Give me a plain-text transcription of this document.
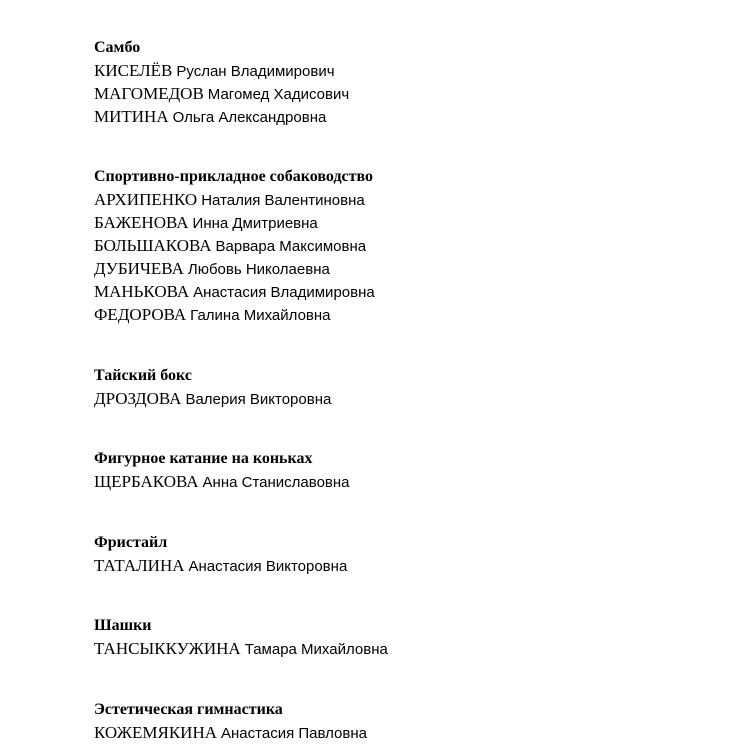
Самбо
КИСЕЛЁВ Руслан Владимирович
МАГОМЕДОВ Магомед Хадисович
МИТИНА Ольга Александровна
Спортивно-прикладное собаководство
АРХИПЕНКО Наталия Валентиновна
БАЖЕНОВА Инна Дмитриевна
БОЛЬШАКОВА Варвара Максимовна
ДУБИЧЕВА Любовь Николаевна
МАНЬКОВА Анастасия Владимировна
ФЕДОРОВА Галина Михайловна
Тайский бокс
ДРОЗДОВА Валерия Викторовна
Фигурное катание на коньках
ЩЕРБАКОВА Анна Станиславовна
Фристайл
ТАТАЛИНА Анастасия Викторовна
Шашки
ТАНСЫККУЖИНА Тамара Михайловна
Эстетическая гимнастика
КОЖЕМЯКИНА Анастасия Павловна
